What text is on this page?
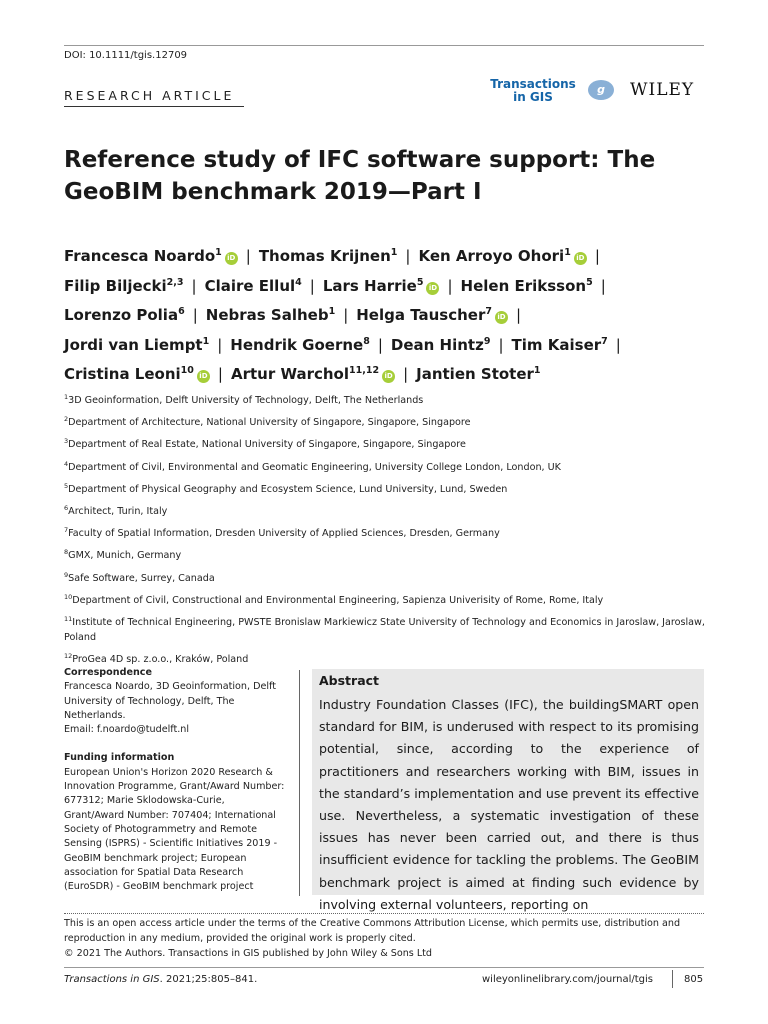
DOI: 10.1111/tgis.12709
RESEARCH ARTICLE
Transactions
in GIS
g	WILEY
Reference study of IFC software support: The GeoBIM benchmark 2019—Part I
Francesca Noardo$^1$ iD | Thomas Krijnen$^1$ | Ken Arroyo Ohori$^1$ iD |
Filip Biljecki$^{2,3}$ | Claire Ellul$^4$ | Lars Harrie$^5$ iD | Helen Eriksson$^5$ |
Lorenzo Polia$^6$ | Nebras Salheb$^1$ | Helga Tauscher$^7$ iD |
Jordi van Liempt$^1$ | Hendrik Goerne$^8$ | Dean Hintz$^9$ | Tim Kaiser$^7$ |
Cristina Leoni$^{10}$ iD | Artur Warchol$^{11,12}$ iD | Jantien Stoter$^1$
$^1$3D Geoinformation, Delft University of Technology, Delft, The Netherlands
$^2$Department of Architecture, National University of Singapore, Singapore, Singapore
$^3$Department of Real Estate, National University of Singapore, Singapore, Singapore
$^4$Department of Civil, Environmental and Geomatic Engineering, University College London, London, UK
$^5$Department of Physical Geography and Ecosystem Science, Lund University, Lund, Sweden
$^6$Architect, Turin, Italy
$^7$Faculty of Spatial Information, Dresden University of Applied Sciences, Dresden, Germany
$^8$GMX, Munich, Germany
$^9$Safe Software, Surrey, Canada
$^{10}$Department of Civil, Constructional and Environmental Engineering, Sapienza Univerisity of Rome, Rome, Italy
$^{11}$Institute of Technical Engineering, PWSTE Bronislaw Markiewicz State University of Technology and Economics in Jaroslaw, Jaroslaw, Poland
$^{12}$ProGea 4D sp. z.o.o., Kraków, Poland
Correspondence
Francesca Noardo, 3D Geoinformation, Delft University of Technology, Delft, The Netherlands.
Email: f.noardo@tudelft.nl
Funding information
European Union's Horizon 2020 Research & Innovation Programme, Grant/Award Number: 677312; Marie Sklodowska-Curie, Grant/Award Number: 707404; International Society of Photogrammetry and Remote Sensing (ISPRS) - Scientific Initiatives 2019 - GeoBIM benchmark project; European association for Spatial Data Research (EuroSDR) - GeoBIM benchmark project
Abstract
Industry Foundation Classes (IFC), the buildingSMART open standard for BIM, is underused with respect to its promising potential, since, according to the experience of practitioners and researchers working with BIM, issues in the standard’s implementation and use prevent its effective use. Nevertheless, a systematic investigation of these issues has never been carried out, and there is thus insufficient evidence for tackling the problems. The GeoBIM benchmark project is aimed at finding such evidence by involving external volunteers, reporting on
This is an open access article under the terms of the Creative Commons Attribution License, which permits use, distribution and reproduction in any medium, provided the original work is properly cited.
© 2021 The Authors. Transactions in GIS published by John Wiley & Sons Ltd
Transactions in GIS. 2021;25:805–841.	wileyonlinelibrary.com/journal/tgis	805
